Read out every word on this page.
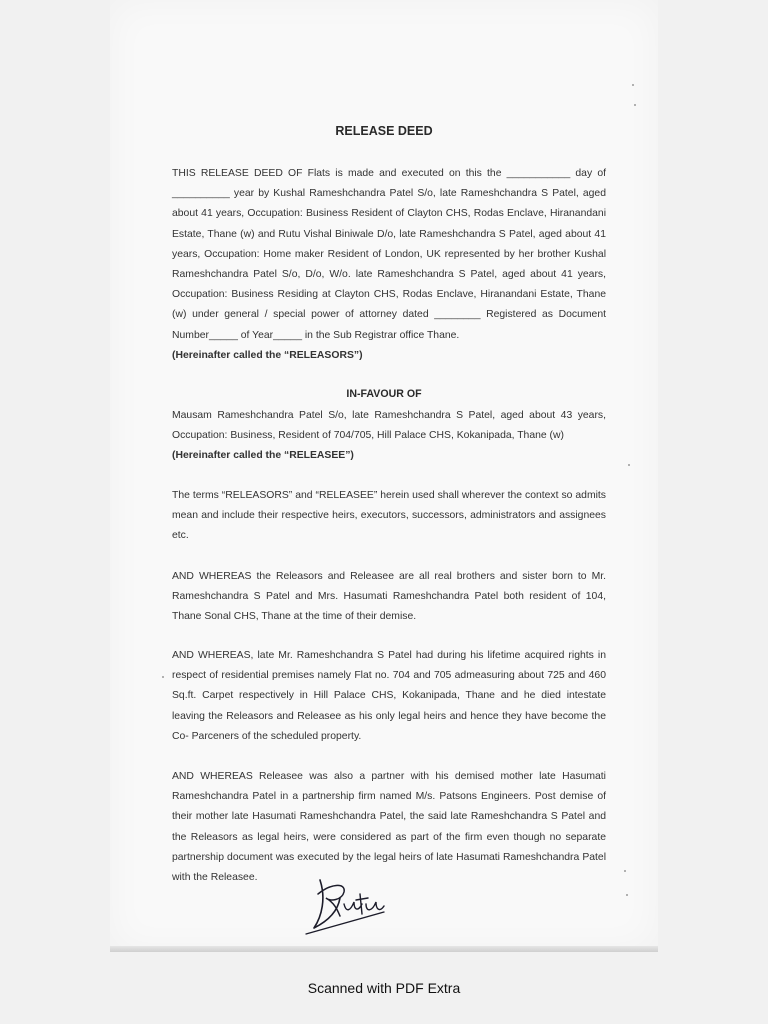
RELEASE DEED

THIS RELEASE DEED OF Flats is made and executed on this the ___________ day of __________ year by Kushal Rameshchandra Patel S/o, late Rameshchandra S Patel, aged about 41 years, Occupation: Business Resident of Clayton CHS, Rodas Enclave, Hiranandani Estate, Thane (w) and Rutu Vishal Biniwale D/o, late Rameshchandra S Patel, aged about 41 years, Occupation: Home maker Resident of London, UK represented by her brother Kushal Rameshchandra Patel S/o, D/o, W/o. late Rameshchandra S Patel, aged about 41 years, Occupation: Business Residing at Clayton CHS, Rodas Enclave, Hiranandani Estate, Thane (w) under general / special power of attorney dated ________ Registered as Document Number_____ of Year_____ in the Sub Registrar office Thane.
(Hereinafter called the “RELEASORS”)

IN-FAVOUR OF

Mausam Rameshchandra Patel S/o, late Rameshchandra S Patel, aged about 43 years, Occupation: Business, Resident of 704/705, Hill Palace CHS, Kokanipada, Thane (w)
(Hereinafter called the “RELEASEE”)

The terms “RELEASORS” and “RELEASEE” herein used shall wherever the context so admits mean and include their respective heirs, executors, successors, administrators and assignees etc.

AND WHEREAS the Releasors and Releasee are all real brothers and sister born to Mr. Rameshchandra S Patel and Mrs. Hasumati Rameshchandra Patel both resident of 104, Thane Sonal CHS, Thane at the time of their demise.

AND WHEREAS, late Mr. Rameshchandra S Patel had during his lifetime acquired rights in respect of residential premises namely Flat no. 704 and 705 admeasuring about 725 and 460 Sq.ft. Carpet respectively in Hill Palace CHS, Kokanipada, Thane and he died intestate leaving the Releasors and Releasee as his only legal heirs and hence they have become the Co- Parceners of the scheduled property.

AND WHEREAS Releasee was also a partner with his demised mother late Hasumati Rameshchandra Patel in a partnership firm named M/s. Patsons Engineers. Post demise of their mother late Hasumati Rameshchandra Patel, the said late Rameshchandra S Patel and the Releasors as legal heirs, were considered as part of the firm even though no separate partnership document was executed by the legal heirs of late Hasumati Rameshchandra Patel with the Releasee.

Scanned with PDF Extra
